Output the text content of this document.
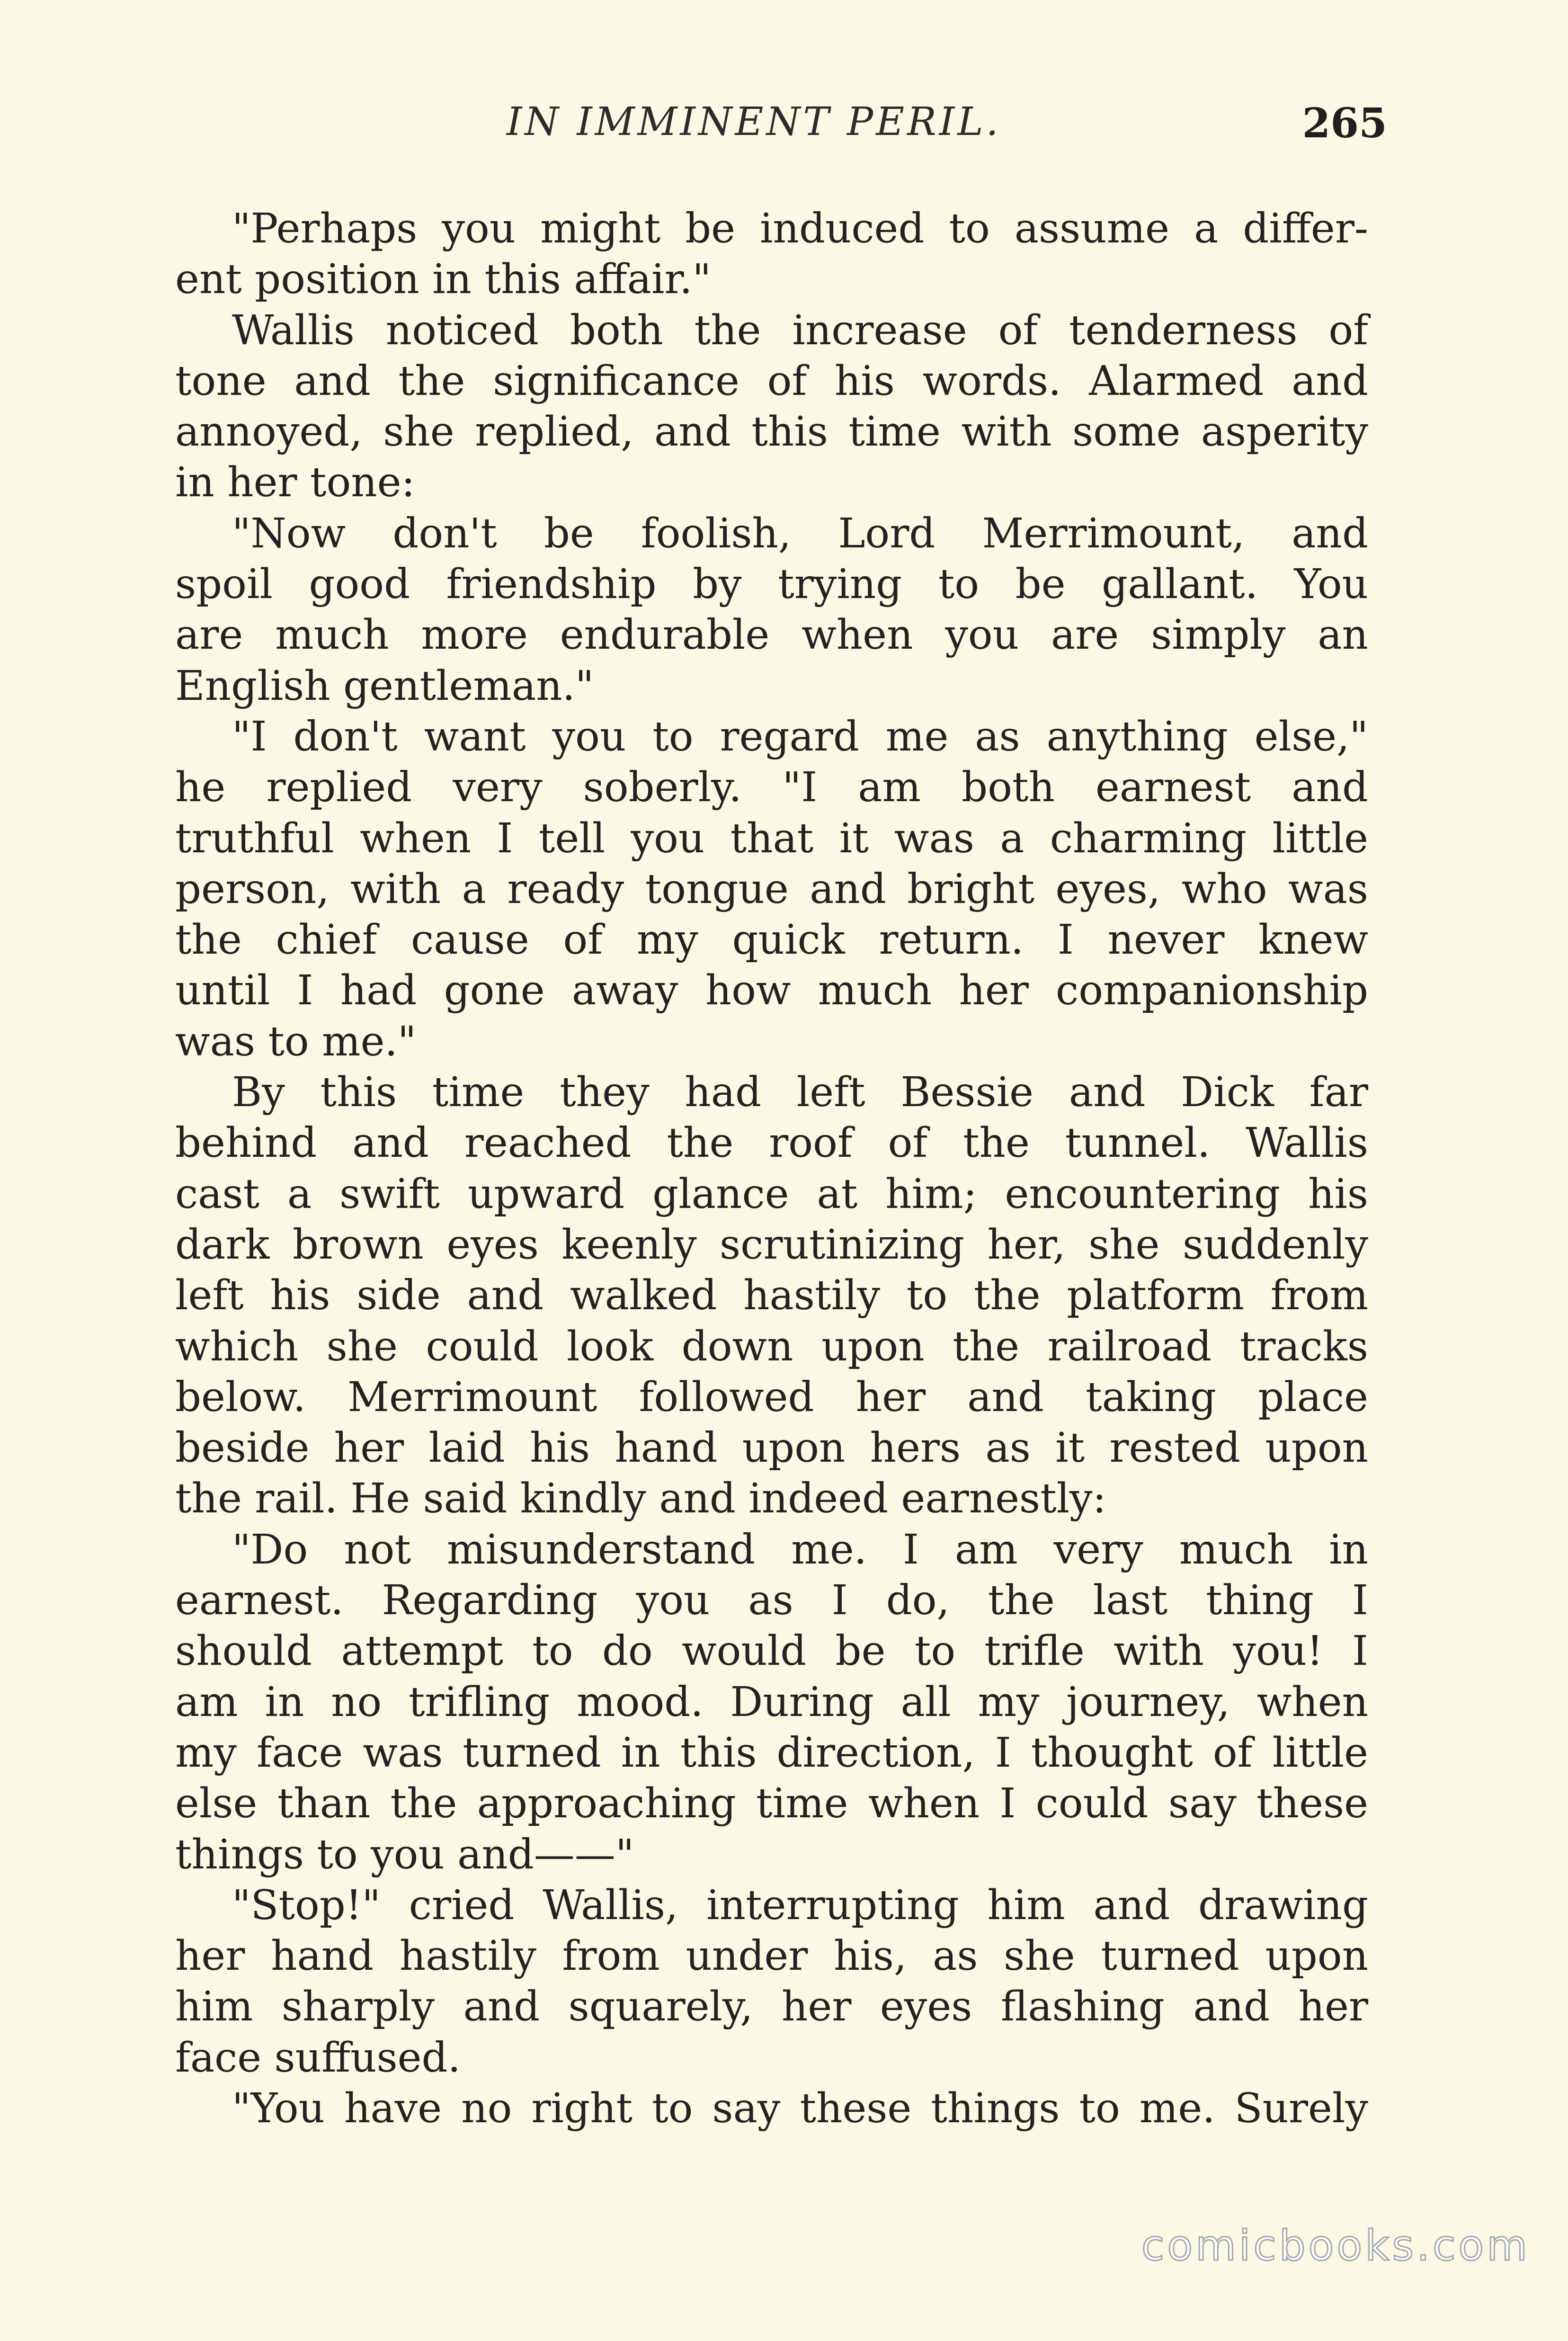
IN IMMINENT PERIL.	265
"Perhaps you might be induced to assume a differ-
ent position in this affair."
Wallis noticed both the increase of tenderness of
tone and the significance of his words. Alarmed and
annoyed, she replied, and this time with some asperity
in her tone:
"Now don't be foolish, Lord Merrimount, and
spoil good friendship by trying to be gallant. You
are much more endurable when you are simply an
English gentleman."
"I don't want you to regard me as anything else,"
he replied very soberly. "I am both earnest and
truthful when I tell you that it was a charming little
person, with a ready tongue and bright eyes, who was
the chief cause of my quick return. I never knew
until I had gone away how much her companionship
was to me."
By this time they had left Bessie and Dick far
behind and reached the roof of the tunnel. Wallis
cast a swift upward glance at him; encountering his
dark brown eyes keenly scrutinizing her, she suddenly
left his side and walked hastily to the platform from
which she could look down upon the railroad tracks
below. Merrimount followed her and taking place
beside her laid his hand upon hers as it rested upon
the rail. He said kindly and indeed earnestly:
"Do not misunderstand me. I am very much in
earnest. Regarding you as I do, the last thing I
should attempt to do would be to trifle with you! I
am in no trifling mood. During all my journey, when
my face was turned in this direction, I thought of little
else than the approaching time when I could say these
things to you and——"
"Stop!" cried Wallis, interrupting him and drawing
her hand hastily from under his, as she turned upon
him sharply and squarely, her eyes flashing and her
face suffused.
"You have no right to say these things to me. Surely
comicbooks.com
